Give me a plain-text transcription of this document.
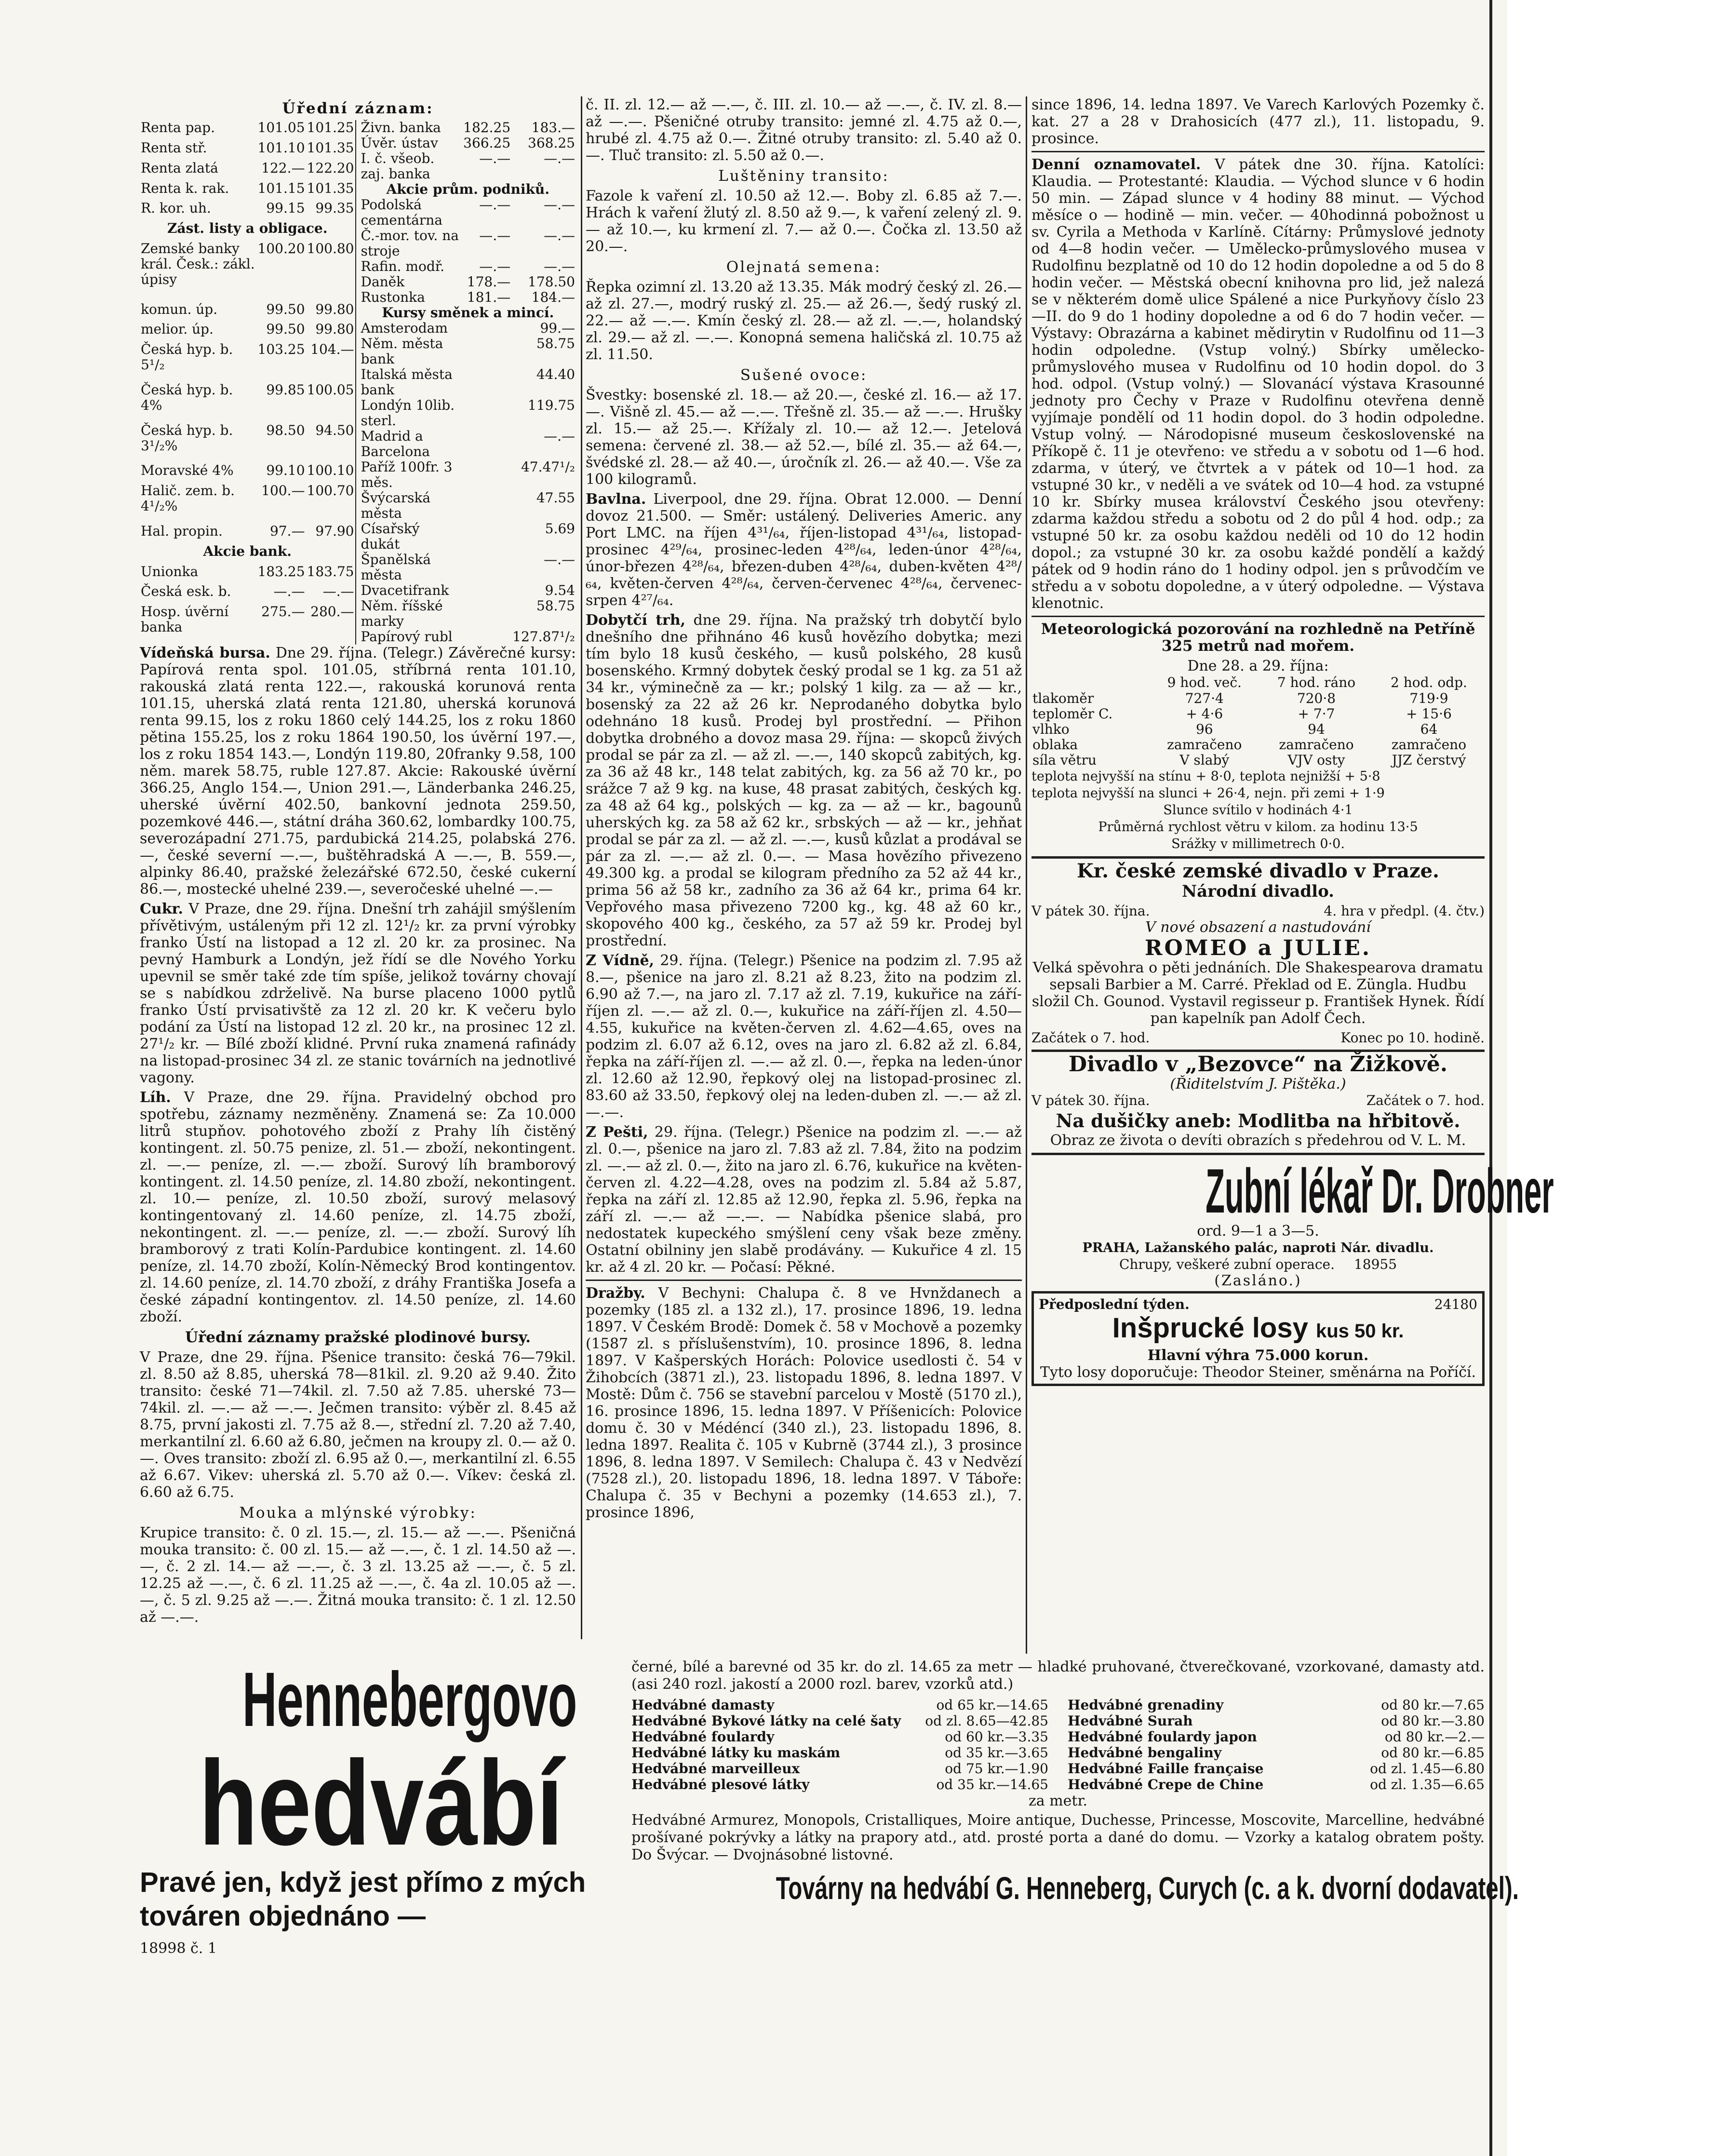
Úřední záznam:
Renta pap.	101.05	101.25
Renta stř.	101.10	101.35
Renta zlatá	122.—	122.20
Renta k. rak.	101.15	101.35
R. kor. uh.	99.15	99.35
Zást. listy a obligace.		
Zemské banky král. Česk.: zákl. úpisy	100.20	100.80
komun. úp.	99.50	99.80
melior. úp.	99.50	99.80
Česká hyp. b. 5¹/₂	103.25	104.—
Česká hyp. b. 4%	99.85	100.05
Česká hyp. b. 3¹/₂%	98.50	94.50
Moravské 4%	99.10	100.10
Halič. zem. b. 4¹/₂%	100.—	100.70
Hal. propin.	97.—	97.90
Akcie bank.		
Unionka	183.25	183.75
Česká esk. b.	—.—	—.—
Hosp. úvěrní banka	275.—	280.—
Živn. banka	182.25	183.—
Úvěr. ústav	366.25	368.25
I. č. všeob. zaj. banka	—.—	—.—
Akcie prům. podniků.		
Podolská cementárna	—.—	—.—
Č.-mor. tov. na stroje	—.—	—.—
Rafin. modř.	—.—	—.—
Daněk	178.—	178.50
Rustonka	181.—	184.—
Kursy směnek a mincí.		
Amsterodam		99.—
Něm. města bank		58.75
Italská města bank		44.40
Londýn 10lib. sterl.		119.75
Madrid a Barcelona		—.—
Paříž 100fr. 3 měs.		47.47¹/₂
Švýcarská města		47.55
Císařský dukát		5.69
Španělská města		—.—
Dvacetifrank		9.54
Něm. říšské marky		58.75
Papírový rubl		127.87¹/₂

Vídeňská bursa. Dne 29. října. (Telegr.) Závěrečné kursy: Papírová renta spol. 101.05, stříbrná renta 101.10, rakouská zlatá renta 122.—, rakouská korunová renta 101.15, uherská zlatá renta 121.80, uherská korunová renta 99.15, los z roku 1860 celý 144.25, los z roku 1860 pětina 155.25, los z roku 1864 190.50, los úvěrní 197.—, los z roku 1854 143.—, Londýn 119.80, 20franky 9.58, 100 něm. marek 58.75, ruble 127.87. Akcie: Rakouské úvěrní 366.25, Anglo 154.—, Union 291.—, Länderbanka 246.25, uherské úvěrní 402.50, bankovní jednota 259.50, pozemkové 446.—, státní dráha 360.62, lombardky 100.75, severozápadní 271.75, pardubická 214.25, polabská 276.—, české severní —.—, buštěhradská A —.—, B. 559.—, alpinky 86.40, pražské železářské 672.50, české cukerní 86.—, mostecké uhelné 239.—, severočeské uhelné —.—

Cukr. V Praze, dne 29. října. Dnešní trh zahájil smýšlením přívětivým, ustáleným při 12 zl. 12¹/₂ kr. za první výrobky franko Ústí na listopad a 12 zl. 20 kr. za prosinec. Na pevný Hamburk a Londýn, jež řídí se dle Nového Yorku upevnil se směr také zde tím spíše, jelikož továrny chovají se s nabídkou zdrželivě. Na burse placeno 1000 pytlů franko Ústí prvisativště za 12 zl. 20 kr. K večeru bylo podání za Ústí na listopad 12 zl. 20 kr., na prosinec 12 zl. 27¹/₂ kr. — Bílé zboží klidné. První ruka znamená rafinády na listopad-prosinec 34 zl. ze stanic továrních na jednotlivé vagony.

Líh. V Praze, dne 29. října. Pravidelný obchod pro spotřebu, záznamy nezměněny. Znamená se: Za 10.000 litrů stupňov. pohotového zboží z Prahy líh čistěný kontingent. zl. 50.75 penize, zl. 51.— zboží, nekontingent. zl. —.— peníze, zl. —.— zboží. Surový líh bramborový kontingent. zl. 14.50 peníze, zl. 14.80 zboží, nekontingent. zl. 10.— peníze, zl. 10.50 zboží, surový melasový kontingentovaný zl. 14.60 peníze, zl. 14.75 zboží, nekontingent. zl. —.— peníze, zl. —.— zboží. Surový líh bramborový z trati Kolín-Pardubice kontingent. zl. 14.60 peníze, zl. 14.70 zboží, Kolín-Německý Brod kontingentov. zl. 14.60 peníze, zl. 14.70 zboží, z dráhy Františka Josefa a české západní kontingentov. zl. 14.50 peníze, zl. 14.60 zboží.

Úřední záznamy pražské plodinové bursy.

V Praze, dne 29. října. Pšenice transito: česká 76—79kil. zl. 8.50 až 8.85, uherská 78—81kil. zl. 9.20 až 9.40. Žito transito: české 71—74kil. zl. 7.50 až 7.85. uherské 73—74kil. zl. —.— až —.—. Ječmen transito: výběr zl. 8.45 až 8.75, první jakosti zl. 7.75 až 8.—, střední zl. 7.20 až 7.40, merkantilní zl. 6.60 až 6.80, ječmen na kroupy zl. 0.— až 0.—. Oves transito: zboží zl. 6.95 až 0.—, merkantilní zl. 6.55 až 6.67. Vikev: uherská zl. 5.70 až 0.—. Víkev: česká zl. 6.60 až 6.75.

Mouka a mlýnské výrobky:

Krupice transito: č. 0 zl. 15.—, zl. 15.— až —.—. Pšeničná mouka transito: č. 00 zl. 15.— až —.—, č. 1 zl. 14.50 až —.—, č. 2 zl. 14.— až —.—, č. 3 zl. 13.25 až —.—, č. 5 zl. 12.25 až —.—, č. 6 zl. 11.25 až —.—, č. 4a zl. 10.05 až —.—, č. 5 zl. 9.25 až —.—. Žitná mouka transito: č. 1 zl. 12.50 až —.—.

č. II. zl. 12.— až —.—, č. III. zl. 10.— až —.—, č. IV. zl. 8.— až —.—. Pšeničné otruby transito: jemné zl. 4.75 až 0.—, hrubé zl. 4.75 až 0.—. Žitné otruby transito: zl. 5.40 až 0.—. Tluč transito: zl. 5.50 až 0.—.

Luštěniny transito:

Fazole k vaření zl. 10.50 až 12.—. Boby zl. 6.85 až 7.—. Hrách k vaření žlutý zl. 8.50 až 9.—, k vaření zelený zl. 9.— až 10.—, ku krmení zl. 7.— až 0.—. Čočka zl. 13.50 až 20.—.

Olejnatá semena:

Řepka ozimní zl. 13.20 až 13.35. Mák modrý český zl. 26.— až zl. 27.—, modrý ruský zl. 25.— až 26.—, šedý ruský zl. 22.— až —.—. Kmín český zl. 28.— až zl. —.—, holandský zl. 29.— až zl. —.—. Konopná semena haličská zl. 10.75 až zl. 11.50.

Sušené ovoce:

Švestky: bosenské zl. 18.— až 20.—, české zl. 16.— až 17.—. Višně zl. 45.— až —.—. Třešně zl. 35.— až —.—. Hrušky zl. 15.— až 25.—. Křížaly zl. 10.— až 12.—. Jetelová semena: červené zl. 38.— až 52.—, bílé zl. 35.— až 64.—, švédské zl. 28.— až 40.—, úročník zl. 26.— až 40.—. Vše za 100 kilogramů.

Bavlna. Liverpool, dne 29. října. Obrat 12.000. — Denní dovoz 21.500. — Směr: ustálený. Deliveries Americ. any Port LMC. na říjen 4³¹/₆₄, říjen-listopad 4³¹/₆₄, listopad-prosinec 4²⁹/₆₄, prosinec-leden 4²⁸/₆₄, leden-únor 4²⁸/₆₄, únor-březen 4²⁸/₆₄, březen-duben 4²⁸/₆₄, duben-květen 4²⁸/₆₄, květen-červen 4²⁸/₆₄, červen-červenec 4²⁸/₆₄, červenec-srpen 4²⁷/₆₄.

Dobytčí trh, dne 29. října. Na pražský trh dobytčí bylo dnešního dne přihnáno 46 kusů hovězího dobytka; mezi tím bylo 18 kusů českého, — kusů polského, 28 kusů bosenského. Krmný dobytek český prodal se 1 kg. za 51 až 34 kr., výminečně za — kr.; polský 1 kilg. za — až — kr., bosenský za 22 až 26 kr. Neprodaného dobytka bylo odehnáno 18 kusů. Prodej byl prostřední. — Přihon dobytka drobného a dovoz masa 29. října: — skopců živých prodal se pár za zl. — až zl. —.—, 140 skopců zabitých, kg. za 36 až 48 kr., 148 telat zabitých, kg. za 56 až 70 kr., po srážce 7 až 9 kg. na kuse, 48 prasat zabitých, českých kg. za 48 až 64 kg., polských — kg. za — až — kr., bagounů uherských kg. za 58 až 62 kr., srbských — až — kr., jehňat prodal se pár za zl. — až zl. —.—, kusů kůzlat a prodával se pár za zl. —.— až zl. 0.—. — Masa hovězího přivezeno 49.300 kg. a prodal se kilogram předního za 52 až 44 kr., prima 56 až 58 kr., zadního za 36 až 64 kr., prima 64 kr. Vepřového masa přivezeno 7200 kg., kg. 48 až 60 kr., skopového 400 kg., českého, za 57 až 59 kr. Prodej byl prostřední.

Z Vídně, 29. října. (Telegr.) Pšenice na podzim zl. 7.95 až 8.—, pšenice na jaro zl. 8.21 až 8.23, žito na podzim zl. 6.90 až 7.—, na jaro zl. 7.17 až zl. 7.19, kukuřice na září-říjen zl. —.— až zl. 0.—, kukuřice na září-říjen zl. 4.50—4.55, kukuřice na květen-červen zl. 4.62—4.65, oves na podzim zl. 6.07 až 6.12, oves na jaro zl. 6.82 až zl. 6.84, řepka na září-říjen zl. —.— až zl. 0.—, řepka na leden-únor zl. 12.60 až 12.90, řepkový olej na listopad-prosinec zl. 83.60 až 33.50, řepkový olej na leden-duben zl. —.— až zl. —.—.

Z Pešti, 29. října. (Telegr.) Pšenice na podzim zl. —.— až zl. 0.—, pšenice na jaro zl. 7.83 až zl. 7.84, žito na podzim zl. —.— až zl. 0.—, žito na jaro zl. 6.76, kukuřice na květen-červen zl. 4.22—4.28, oves na podzim zl. 5.84 až 5.87, řepka na září zl. 12.85 až 12.90, řepka zl. 5.96, řepka na září zl. —.— až —.—. — Nabídka pšenice slabá, pro nedostatek kupeckého smýšlení ceny však beze změny. Ostatní obilniny jen slabě prodávány. — Kukuřice 4 zl. 15 kr. až 4 zl. 20 kr. — Počasí: Pěkné.

Dražby. V Bechyni: Chalupa č. 8 ve Hvnždanech a pozemky (185 zl. a 132 zl.), 17. prosince 1896, 19. ledna 1897. V Českém Brodě: Domek č. 58 v Mochově a pozemky (1587 zl. s příslušenstvím), 10. prosince 1896, 8. ledna 1897. V Kašperských Horách: Polovice usedlosti č. 54 v Žihobcích (3871 zl.), 23. listopadu 1896, 8. ledna 1897. V Mostě: Dům č. 756 se stavební parcelou v Mostě (5170 zl.), 16. prosince 1896, 15. ledna 1897. V Příšenicích: Polovice domu č. 30 v Médéncí (340 zl.), 23. listopadu 1896, 8. ledna 1897. Realita č. 105 v Kubrně (3744 zl.), 3 prosince 1896, 8. ledna 1897. V Semilech: Chalupa č. 43 v Nedvězí (7528 zl.), 20. listopadu 1896, 18. ledna 1897. V Táboře: Chalupa č. 35 v Bechyni a pozemky (14.653 zl.), 7. prosince 1896,

since 1896, 14. ledna 1897. Ve Varech Karlových Pozemky č. kat. 27 a 28 v Drahosicích (477 zl.), 11. listopadu, 9. prosince.

Denní oznamovatel. V pátek dne 30. října. Katolíci: Klaudia. — Protestanté: Klaudia. — Východ slunce v 6 hodin 50 min. — Západ slunce v 4 hodiny 88 minut. — Východ měsíce o — hodině — min. večer. — 40hodinná pobožnost u sv. Cyrila a Methoda v Karlíně. Cítárny: Průmyslové jednoty od 4—8 hodin večer. — Umělecko-průmyslového musea v Rudolfinu bezplatně od 10 do 12 hodin dopoledne a od 5 do 8 hodin večer. — Městská obecní knihovna pro lid, jež nalezá se v některém domě ulice Spálené a nice Purkyňovy číslo 23—II. do 9 do 1 hodiny dopoledne a od 6 do 7 hodin večer. — Výstavy: Obrazárna a kabinet mědirytin v Rudolfinu od 11—3 hodin odpoledne. (Vstup volný.) Sbírky umělecko-průmyslového musea v Rudolfinu od 10 hodin dopol. do 3 hod. odpol. (Vstup volný.) — Slovanácí výstava Krasounné jednoty pro Čechy v Praze v Rudolfinu otevřena denně vyjímaje pondělí od 11 hodin dopol. do 3 hodin odpoledne. Vstup volný. — Národopisné museum československé na Příkopě č. 11 je otevřeno: ve středu a v sobotu od 1—6 hod. zdarma, v úterý, ve čtvrtek a v pátek od 10—1 hod. za vstupné 30 kr., v neděli a ve svátek od 10—4 hod. za vstupné 10 kr. Sbírky musea království Českého jsou otevřeny: zdarma každou středu a sobotu od 2 do půl 4 hod. odp.; za vstupné 50 kr. za osobu každou neděli od 10 do 12 hodin dopol.; za vstupné 30 kr. za osobu každé pondělí a každý pátek od 9 hodin ráno do 1 hodiny odpol. jen s průvodčím ve středu a v sobotu dopoledne, a v úterý odpoledne. — Výstava klenotnic.

Meteorologická pozorování na rozhledně na Petříně 325 metrů nad mořem.
Dne 28. a 29. října:
	9 hod. več.	7 hod. ráno	2 hod. odp.
tlakoměr	727·4	720·8	719·9
teploměr C.	+ 4·6	+ 7·7	+ 15·6
vlhko	96	94	64
oblaka	zamračeno	zamračeno	zamračeno
síla větru	V slabý	VJV osty	JJZ čerstvý
teplota nejvyšší na stínu + 8·0, teplota nejnižší + 5·8
teplota nejvyšší na slunci + 26·4, nejn. při zemi + 1·9
Slunce svítilo v hodinách 4·1
Průměrná rychlost větru v kilom. za hodinu 13·5
Srážky v millimetrech 0·0.
Kr. české zemské divadlo v Praze.
Národní divadlo.
V pátek 30. října.	4. hra v předpl. (4. čtv.)
V nové obsazení a nastudování
ROMEO a JULIE.

Velká spěvohra o pěti jednáních. Dle Shakespearova dramatu sepsali Barbier a M. Carré. Překlad od E. Züngla. Hudbu složil Ch. Gounod. Vystavil regisseur p. František Hynek. Řídí pan kapelník pan Adolf Čech.

Začátek o 7. hod.	Konec po 10. hodině.
Divadlo v „Bezovce“ na Žižkově.
(Řiditelstvím J. Pištěka.)
V pátek 30. října.	Začátek o 7. hod.
Na dušičky aneb: Modlitba na hřbitově.
Obraz ze života o devíti obrazích s předehrou od V. L. M.
Zubní lékař Dr. Drobner
ord. 9—1 a 3—5.
PRAHA, Lažanského palác, naproti Nár. divadlu.
Chrupy, veškeré zubní operace. 18955
(Zasláno.)
Předposlední týden.	24180
Inšprucké losy kus 50 kr.
Hlavní výhra 75.000 korun.
Tyto losy doporučuje: Theodor Steiner, směnárna na Poříčí.
Hennebergovo
hedvábí
Pravé jen, když jest přímo z mých továren objednáno —
18998 č. 1

černé, bílé a barevné od 35 kr. do zl. 14.65 za metr — hladké pruhované, čtverečkované, vzorkované, damasty atd. (asi 240 rozl. jakostí a 2000 rozl. barev, vzorků atd.)

Hedvábné damasty	od 65 kr.—14.65
Hedvábné Bykové látky na celé šaty od zl. 8.65—42.85
Hedvábné foulardy	od 60 kr.—3.35
Hedvábné látky ku maskám	od 35 kr.—3.65
Hedvábné marveilleux	od 75 kr.—1.90
Hedvábné plesové látky	od 35 kr.—14.65
Hedvábné grenadiny	od 80 kr.—7.65
Hedvábné Surah	od 80 kr.—3.80
Hedvábné foulardy japon	od 80 kr.—2.—
Hedvábné bengaliny	od 80 kr.—6.85
Hedvábné Faille française	od zl. 1.45—6.80
Hedvábné Crepe de Chine	od zl. 1.35—6.65
za metr.

Hedvábné Armurez, Monopols, Cristalliques, Moire antique, Duchesse, Princesse, Moscovite, Marcelline, hedvábné prošívané pokrývky a látky na prapory atd., atd. prosté porta a dané do domu. — Vzorky a katalog obratem pošty. Do Švýcar. — Dvojnásobné listovné.

Továrny na hedvábí G. Henneberg, Curych (c. a k. dvorní dodavatel).
